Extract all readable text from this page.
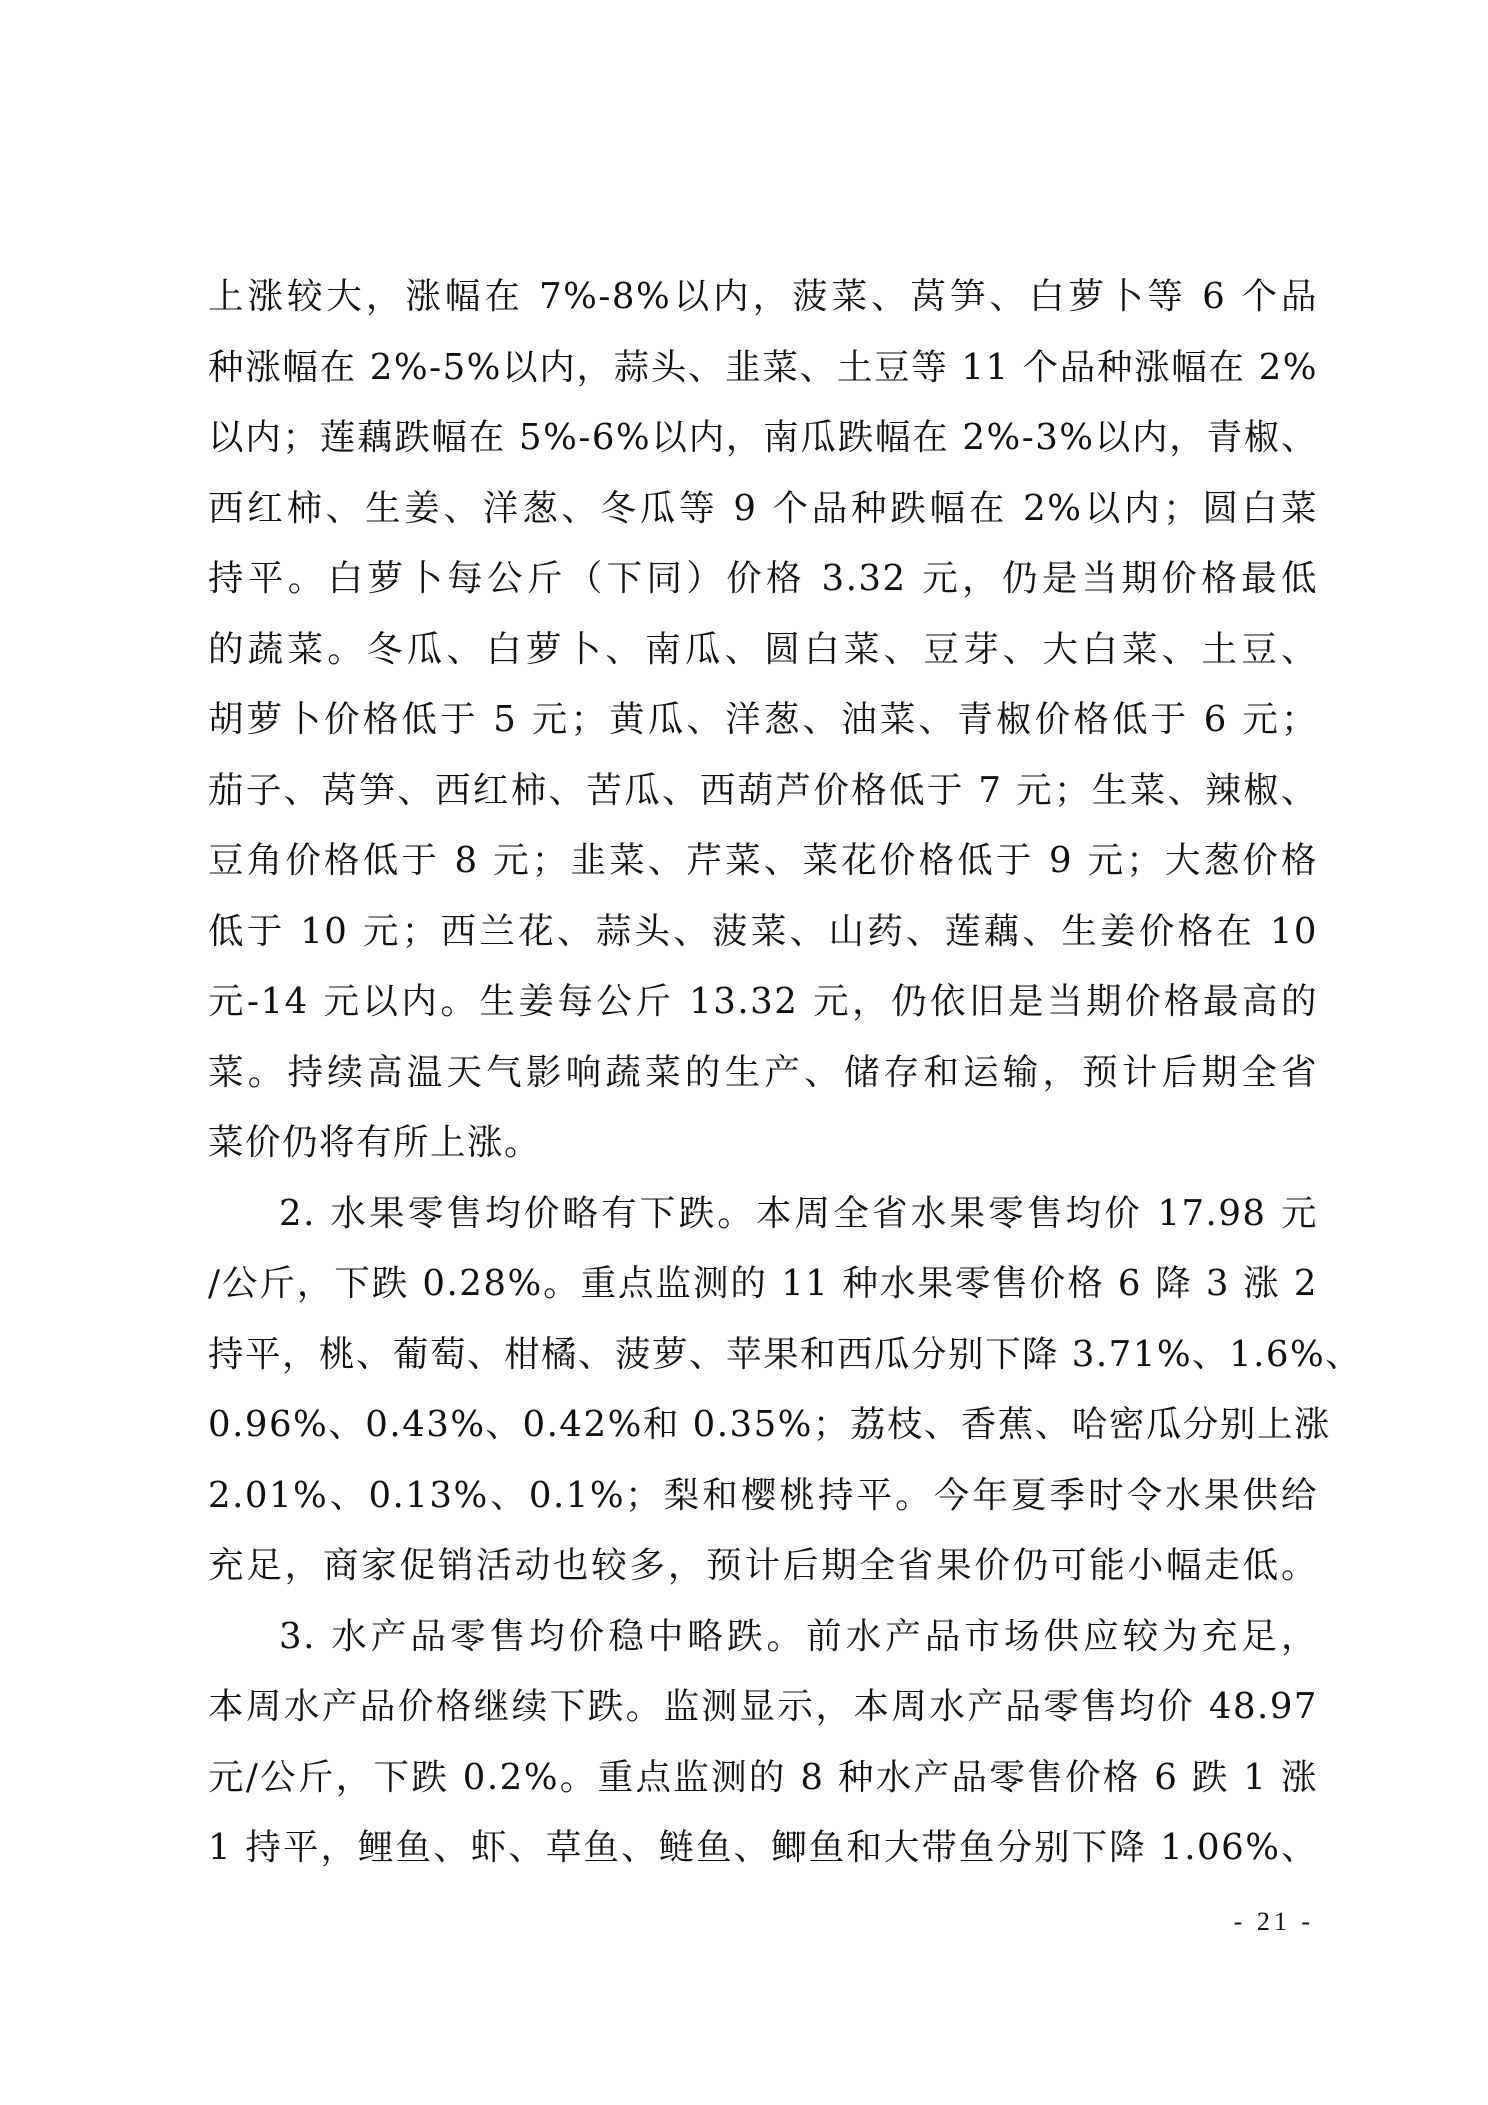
上涨较大，涨幅在 7%-8%以内，菠菜、莴笋、白萝卜等 6 个品
种涨幅在 2%-5%以内，蒜头、韭菜、土豆等 11 个品种涨幅在 2%
以内；莲藕跌幅在 5%-6%以内，南瓜跌幅在 2%-3%以内，青椒、
西红柿、生姜、洋葱、冬瓜等 9 个品种跌幅在 2%以内；圆白菜
持平。白萝卜每公斤（下同）价格 3.32 元，仍是当期价格最低
的蔬菜。冬瓜、白萝卜、南瓜、圆白菜、豆芽、大白菜、土豆、
胡萝卜价格低于 5 元；黄瓜、洋葱、油菜、青椒价格低于 6 元；
茄子、莴笋、西红柿、苦瓜、西葫芦价格低于 7 元；生菜、辣椒、
豆角价格低于 8 元；韭菜、芹菜、菜花价格低于 9 元；大葱价格
低于 10 元；西兰花、蒜头、菠菜、山药、莲藕、生姜价格在 10
元-14 元以内。生姜每公斤 13.32 元，仍依旧是当期价格最高的
菜。持续高温天气影响蔬菜的生产、储存和运输，预计后期全省
菜价仍将有所上涨。
2. 水果零售均价略有下跌。本周全省水果零售均价 17.98 元
/公斤，下跌 0.28%。重点监测的 11 种水果零售价格 6 降 3 涨 2
持平，桃、葡萄、柑橘、菠萝、苹果和西瓜分别下降 3.71%、1.6%、
0.96%、0.43%、0.42%和 0.35%；荔枝、香蕉、哈密瓜分别上涨
2.01%、0.13%、0.1%；梨和樱桃持平。今年夏季时令水果供给
充足，商家促销活动也较多，预计后期全省果价仍可能小幅走低。
3. 水产品零售均价稳中略跌。前水产品市场供应较为充足，
本周水产品价格继续下跌。监测显示，本周水产品零售均价 48.97
元/公斤，下跌 0.2%。重点监测的 8 种水产品零售价格 6 跌 1 涨
1 持平，鲤鱼、虾、草鱼、鲢鱼、鲫鱼和大带鱼分别下降 1.06%、
- 21 -
